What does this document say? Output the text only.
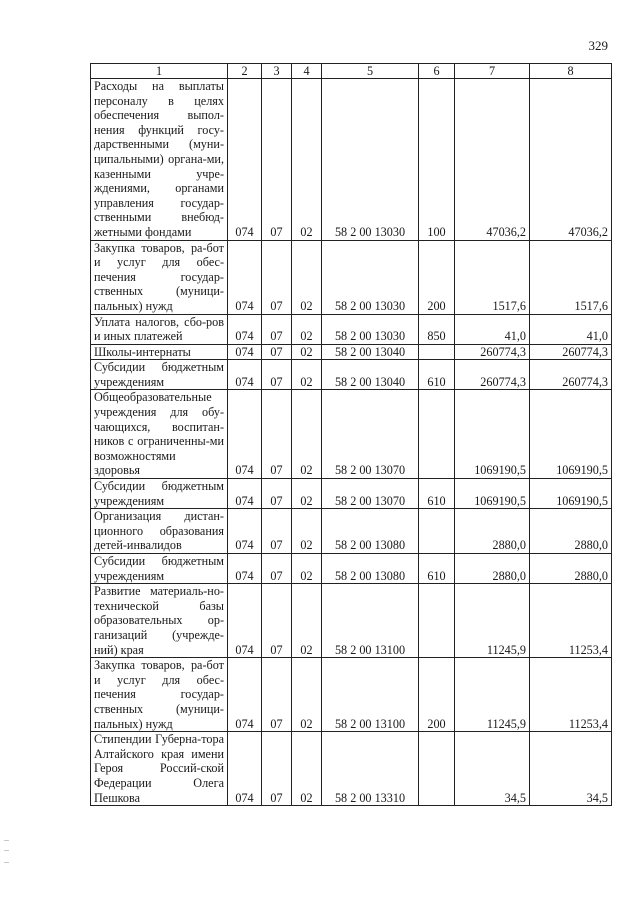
329
1	2	3	4	5	6	7	8
Расходы на выплаты персоналу в целях обеспечения выпол-нения функций госу-дарственными (муни-ципальными) органа-ми, казенными учре-ждениями, органами управления государ-ственными внебюд-жетными фондами	074	07	02	58 2 00 13030	100	47036,2	47036,2
Закупка товаров, ра-бот и услуг для обес-печения государ-ственных (муници-пальных) нужд	074	07	02	58 2 00 13030	200	1517,6	1517,6
Уплата налогов, сбо-ров и иных платежей	074	07	02	58 2 00 13030	850	41,0	41,0
Школы-интернаты	074	07	02	58 2 00 13040		260774,3	260774,3
Субсидии бюджетным учреждениям	074	07	02	58 2 00 13040	610	260774,3	260774,3
Общеобразовательные учреждения для обу-чающихся, воспитан-ников с ограниченны-ми возможностями здоровья	074	07	02	58 2 00 13070		1069190,5	1069190,5
Субсидии бюджетным учреждениям	074	07	02	58 2 00 13070	610	1069190,5	1069190,5
Организация дистан-ционного образования детей-инвалидов	074	07	02	58 2 00 13080		2880,0	2880,0
Субсидии бюджетным учреждениям	074	07	02	58 2 00 13080	610	2880,0	2880,0
Развитие материаль-но-технической базы образовательных ор-ганизаций (учрежде-ний) края	074	07	02	58 2 00 13100		11245,9	11253,4
Закупка товаров, ра-бот и услуг для обес-печения государ-ственных (муници-пальных) нужд	074	07	02	58 2 00 13100	200	11245,9	11253,4
Стипендии Губерна-тора Алтайского края имени Героя Россий-ской Федерации Олега Пешкова	074	07	02	58 2 00 13310		34,5	34,5
